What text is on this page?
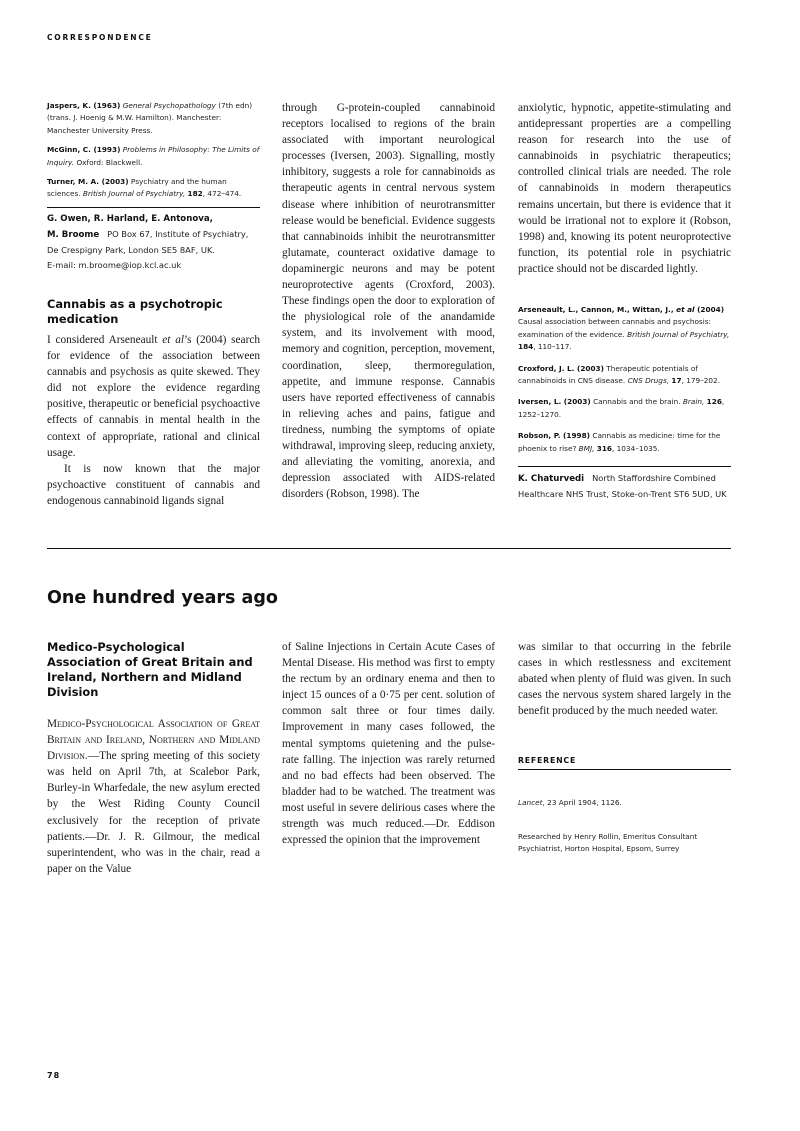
CORRESPONDENCE

Jaspers, K. (1963) General Psychopathology (7th edn) (trans. J. Hoenig & M.W. Hamilton). Manchester: Manchester University Press.

McGinn, C. (1993) Problems in Philosophy: The Limits of Inquiry. Oxford: Blackwell.

Turner, M. A. (2003) Psychiatry and the human sciences. British Journal of Psychiatry, 182, 472–474.

G. Owen, R. Harland, E. Antonova,

M. Broome PO Box 67, Institute of Psychiatry,

De Crespigny Park, London SE5 8AF, UK.

E-mail: m.broome@iop.kcl.ac.uk

Cannabis as a psychotropic medication

I considered Arseneault et al’s (2004) search for evidence of the association between cannabis and psychosis as quite skewed. They did not explore the evidence regarding positive, therapeutic or beneficial psychoactive effects of cannabis in mental health in the context of appropriate, rational and clinical usage.

It is now known that the major psychoactive constituent of cannabis and endogenous cannabinoid ligands signal

through G-protein-coupled cannabinoid receptors localised to regions of the brain associated with important neurological processes (Iversen, 2003). Signalling, mostly inhibitory, suggests a role for cannabinoids as therapeutic agents in central nervous system disease where inhibition of neurotransmitter release would be beneficial. Evidence suggests that cannabinoids inhibit the neurotransmitter glutamate, counteract oxidative damage to dopaminergic neurons and may be potent neuroprotective agents (Croxford, 2003). These findings open the door to exploration of the physiological role of the anandamide system, and its involvement with mood, memory and cognition, perception, movement, coordination, sleep, thermoregulation, appetite, and immune response. Cannabis users have reported effectiveness of cannabis in relieving aches and pains, fatigue and tiredness, numbing the symptoms of opiate withdrawal, improving sleep, reducing anxiety, and alleviating the vomiting, anorexia, and depression associated with AIDS-related disorders (Robson, 1998). The

anxiolytic, hypnotic, appetite-stimulating and antidepressant properties are a compelling reason for research into the use of cannabinoids in psychiatric therapeutics; controlled clinical trials are needed. The role of cannabinoids in modern therapeutics remains uncertain, but there is evidence that it would be irrational not to explore it (Robson, 1998) and, knowing its potent neuroprotective function, its potential role in psychiatric practice should not be discarded lightly.

Arseneault, L., Cannon, M., Wittan, J., et al (2004) Causal association between cannabis and psychosis: examination of the evidence. British Journal of Psychiatry, 184, 110–117.

Croxford, J. L. (2003) Therapeutic potentials of cannabinoids in CNS disease. CNS Drugs, 17, 179–202.

Iversen, L. (2003) Cannabis and the brain. Brain, 126, 1252–1270.

Robson, P. (1998) Cannabis as medicine: time for the phoenix to rise? BMJ, 316, 1034–1035.

K. Chaturvedi North Staffordshire Combined

Healthcare NHS Trust, Stoke-on-Trent ST6 5UD, UK

One hundred years ago
Medico-Psychological Association of Great Britain and Ireland, Northern and Midland Division

Medico-Psychological Association of Great Britain and Ireland, Northern and Midland Division.—The spring meeting of this society was held on April 7th, at Scalebor Park, Burley-in Wharfedale, the new asylum erected by the West Riding County Council exclusively for the reception of private patients.—Dr. J. R. Gilmour, the medical superintendent, who was in the chair, read a paper on the Value

of Saline Injections in Certain Acute Cases of Mental Disease. His method was first to empty the rectum by an ordinary enema and then to inject 15 ounces of a 0·75 per cent. solution of common salt three or four times daily. Improvement in many cases followed, the mental symptoms quietening and the pulse-rate falling. The injection was rarely returned and no bad effects had been observed. The bladder had to be watched. The treatment was most useful in severe delirious cases where the strength was much reduced.—Dr. Eddison expressed the opinion that the improvement

was similar to that occurring in the febrile cases in which restlessness and excitement abated when plenty of fluid was given. In such cases the nervous system shared largely in the benefit produced by the much needed water.

REFERENCE

Lancet, 23 April 1904, 1126.

Researched by Henry Rollin, Emeritus Consultant Psychiatrist, Horton Hospital, Epsom, Surrey

78
